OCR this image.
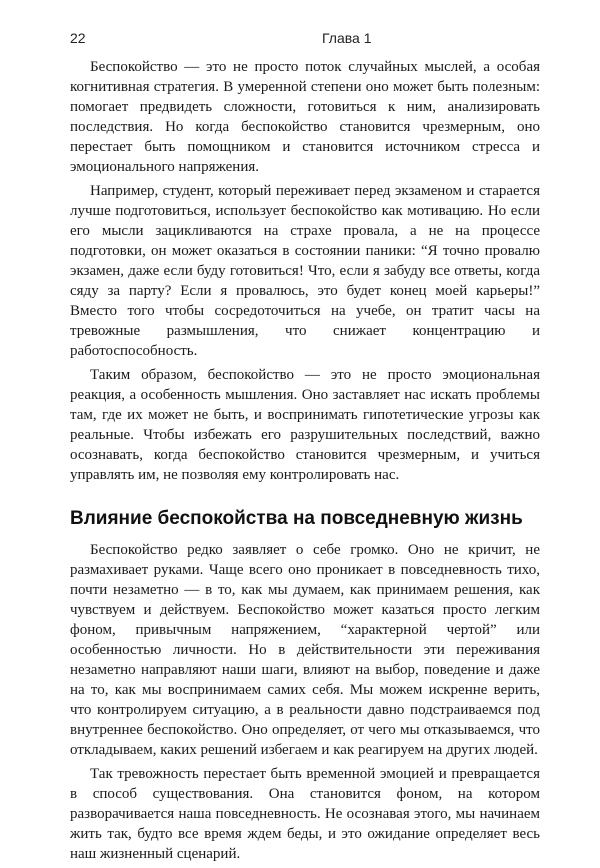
22	Глава 1

Беспокойство — это не просто поток случайных мыслей, а особая когнитивная стратегия. В умеренной степени оно может быть полезным: помогает предвидеть сложности, готовиться к ним, анализировать последствия. Но когда беспокойство становится чрезмерным, оно перестает быть помощником и становится источником стресса и эмоционального напряжения.

Например, студент, который переживает перед экзаменом и старается лучше подготовиться, использует беспокойство как мотивацию. Но если его мысли зацикливаются на страхе провала, а не на процессе подготовки, он может оказаться в состоянии паники: “Я точно провалю экзамен, даже если буду готовиться! Что, если я забуду все ответы, когда сяду за парту? Если я провалюсь, это будет конец моей карьеры!” Вместо того чтобы сосредоточиться на учебе, он тратит часы на тревожные размышления, что снижает концентрацию и работоспособность.

Таким образом, беспокойство — это не просто эмоциональная реакция, а особенность мышления. Оно заставляет нас искать проблемы там, где их может не быть, и воспринимать гипотетические угрозы как реальные. Чтобы избежать его разрушительных последствий, важно осознавать, когда беспокойство становится чрезмерным, и учиться управлять им, не позволяя ему контролировать нас.

Влияние беспокойства на повседневную жизнь

Беспокойство редко заявляет о себе громко. Оно не кричит, не размахивает руками. Чаще всего оно проникает в повседневность тихо, почти незаметно — в то, как мы думаем, как принимаем решения, как чувствуем и действуем. Беспокойство может казаться просто легким фоном, привычным напряжением, “характерной чертой” или особенностью личности. Но в действительности эти переживания незаметно направляют наши шаги, влияют на выбор, поведение и даже на то, как мы воспринимаем самих себя. Мы можем искренне верить, что контролируем ситуацию, а в реальности давно подстраиваемся под внутреннее беспокойство. Оно определяет, от чего мы отказываемся, что откладываем, каких решений избегаем и как реагируем на других людей.

Так тревожность перестает быть временной эмоцией и превращается в способ существования. Она становится фоном, на котором разворачивается наша повседневность. Не осознавая этого, мы начинаем жить так, будто все время ждем беды, и это ожидание определяет весь наш жизненный сценарий.
